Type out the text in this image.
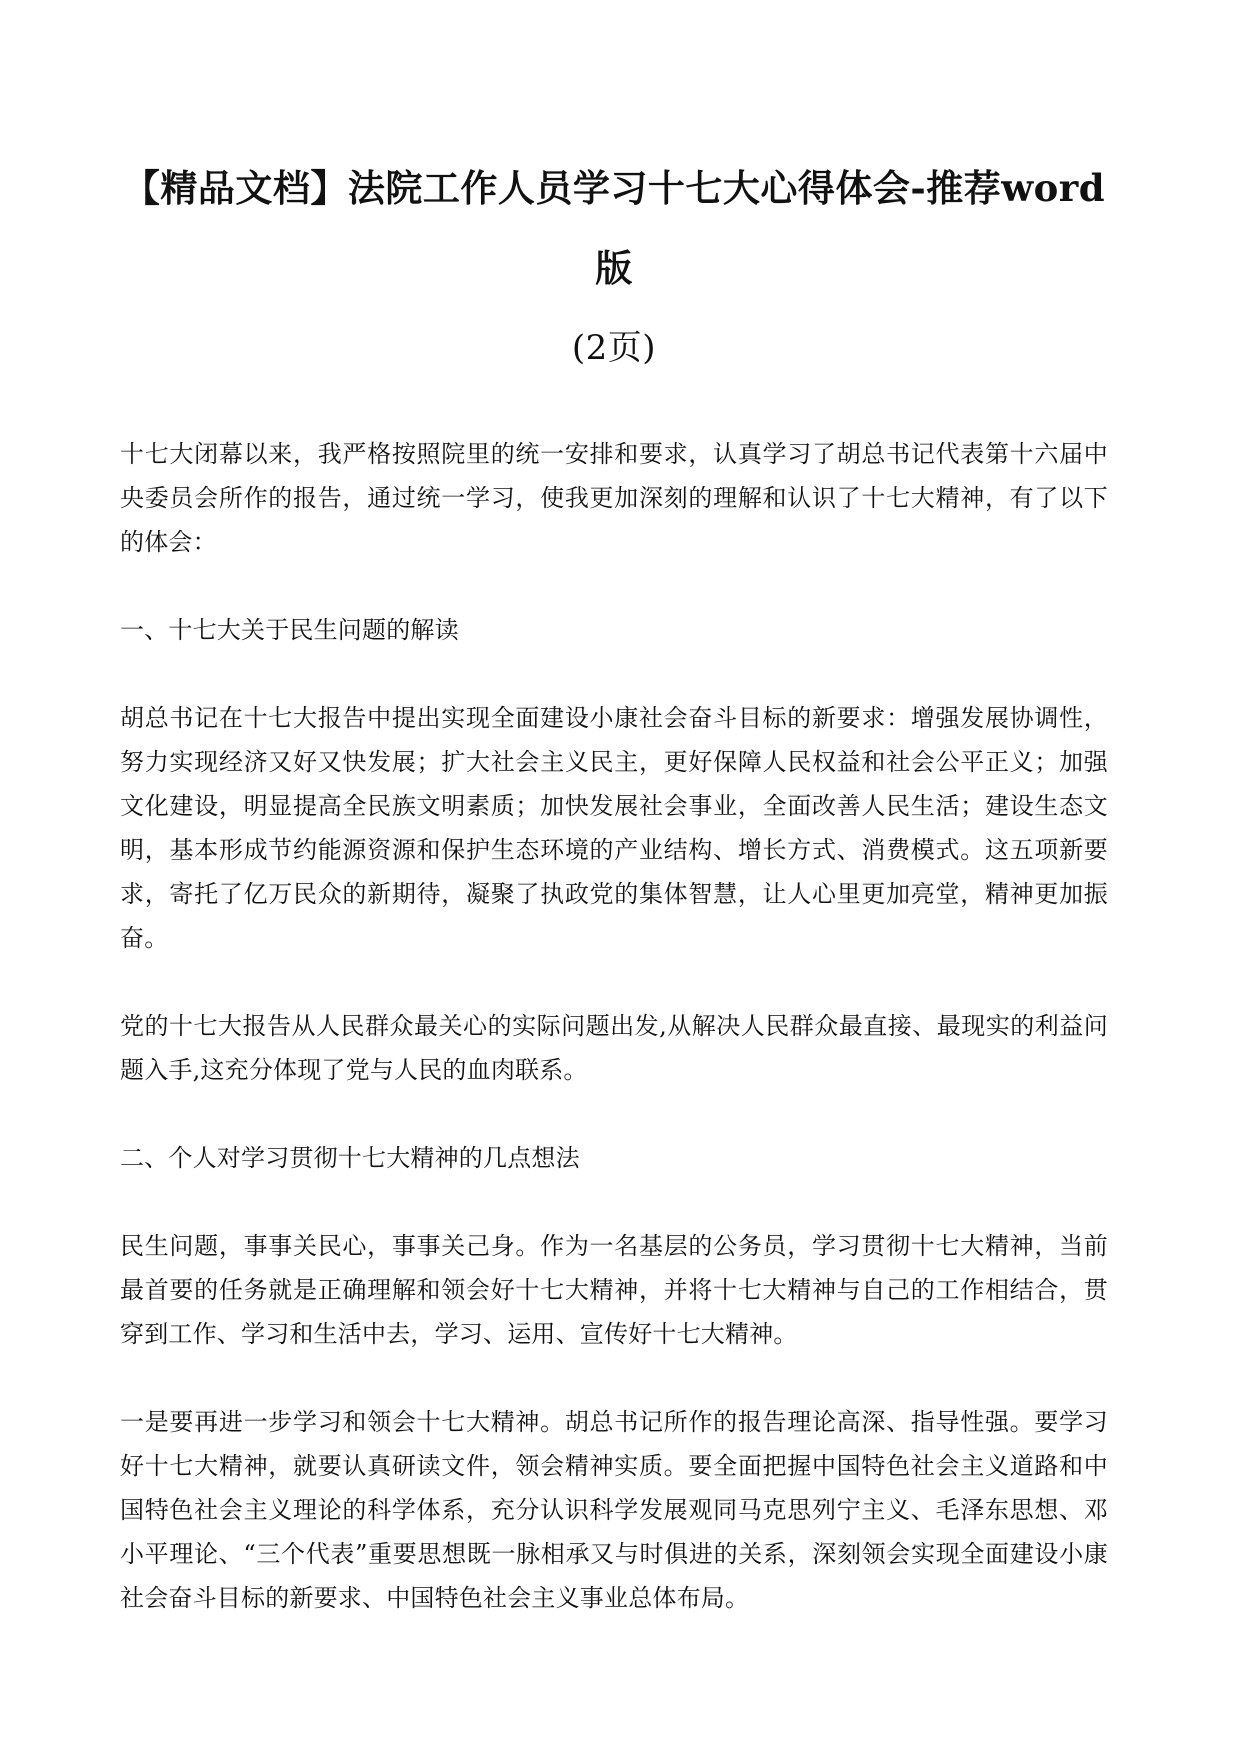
【精品文档】法院工作人员学习十七大心得体会-推荐word版
(2页)

十七大闭幕以来，我严格按照院里的统一安排和要求，认真学习了胡总书记代表第十六届中央委员会所作的报告，通过统一学习，使我更加深刻的理解和认识了十七大精神，有了以下的体会：

一、十七大关于民生问题的解读

胡总书记在十七大报告中提出实现全面建设小康社会奋斗目标的新要求：增强发展协调性，努力实现经济又好又快发展；扩大社会主义民主，更好保障人民权益和社会公平正义；加强文化建设，明显提高全民族文明素质；加快发展社会事业，全面改善人民生活；建设生态文明，基本形成节约能源资源和保护生态环境的产业结构、增长方式、消费模式。这五项新要求，寄托了亿万民众的新期待，凝聚了执政党的集体智慧，让人心里更加亮堂，精神更加振奋。

党的十七大报告从人民群众最关心的实际问题出发,从解决人民群众最直接、最现实的利益问题入手,这充分体现了党与人民的血肉联系。

二、个人对学习贯彻十七大精神的几点想法

民生问题，事事关民心，事事关己身。作为一名基层的公务员，学习贯彻十七大精神，当前最首要的任务就是正确理解和领会好十七大精神，并将十七大精神与自己的工作相结合，贯穿到工作、学习和生活中去，学习、运用、宣传好十七大精神。

一是要再进一步学习和领会十七大精神。胡总书记所作的报告理论高深、指导性强。要学习好十七大精神，就要认真研读文件，领会精神实质。要全面把握中国特色社会主义道路和中国特色社会主义理论的科学体系，充分认识科学发展观同马克思列宁主义、毛泽东思想、邓小平理论、“三个代表”重要思想既一脉相承又与时俱进的关系，深刻领会实现全面建设小康社会奋斗目标的新要求、中国特色社会主义事业总体布局。
